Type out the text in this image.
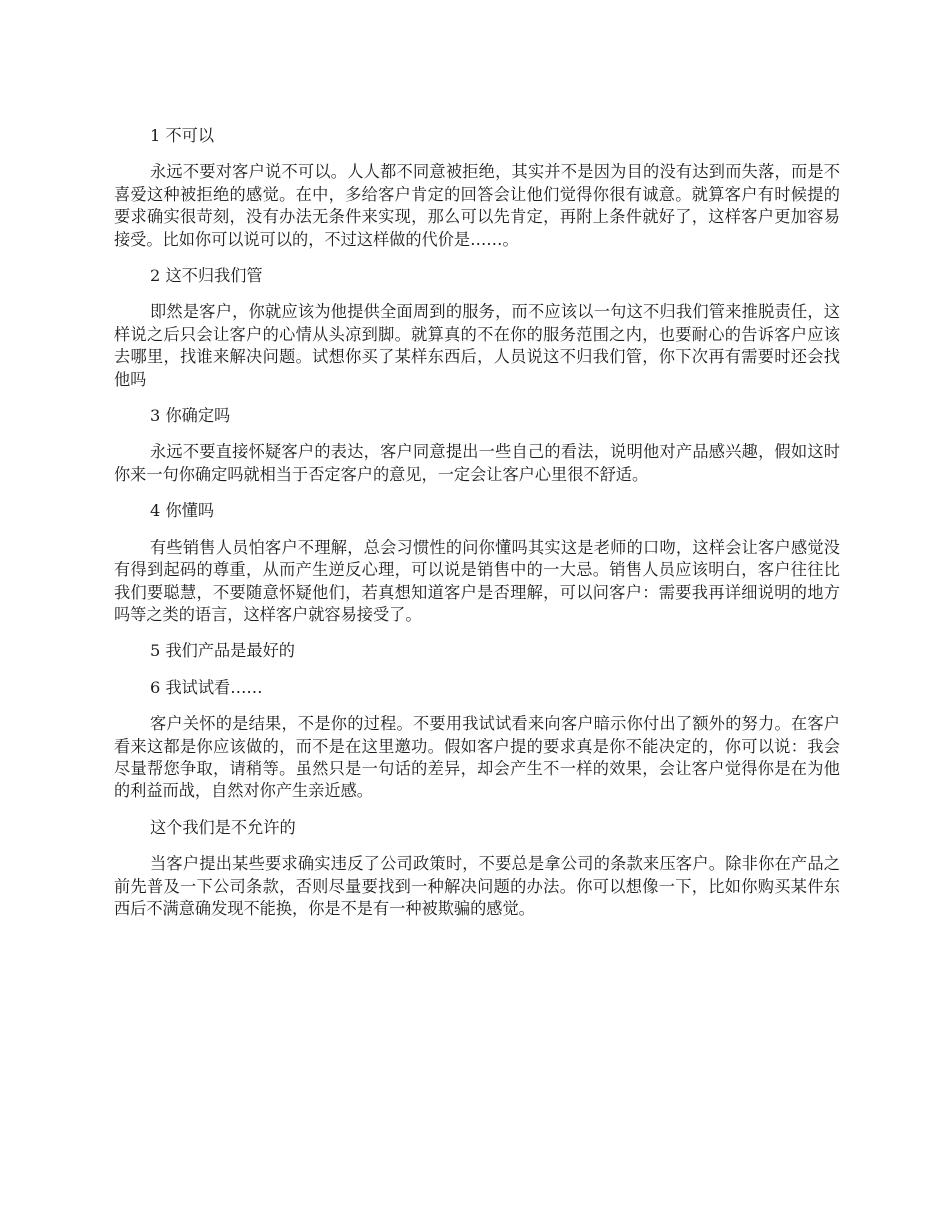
1 不可以

永远不要对客户说不可以。人人都不同意被拒绝，其实并不是因为目的没有达到而失落，而是不喜爱这种被拒绝的感觉。在中，多给客户肯定的回答会让他们觉得你很有诚意。就算客户有时候提的要求确实很苛刻，没有办法无条件来实现，那么可以先肯定，再附上条件就好了，这样客户更加容易接受。比如你可以说可以的，不过这样做的代价是……。

2 这不归我们管

即然是客户，你就应该为他提供全面周到的服务，而不应该以一句这不归我们管来推脱责任，这样说之后只会让客户的心情从头凉到脚。就算真的不在你的服务范围之内，也要耐心的告诉客户应该去哪里，找谁来解决问题。试想你买了某样东西后，人员说这不归我们管，你下次再有需要时还会找他吗

3 你确定吗

永远不要直接怀疑客户的表达，客户同意提出一些自己的看法，说明他对产品感兴趣，假如这时你来一句你确定吗就相当于否定客户的意见，一定会让客户心里很不舒适。

4 你懂吗

有些销售人员怕客户不理解，总会习惯性的问你懂吗其实这是老师的口吻，这样会让客户感觉没有得到起码的尊重，从而产生逆反心理，可以说是销售中的一大忌。销售人员应该明白，客户往往比我们要聪慧，不要随意怀疑他们，若真想知道客户是否理解，可以问客户：需要我再详细说明的地方吗等之类的语言，这样客户就容易接受了。

5 我们产品是最好的

6 我试试看……

客户关怀的是结果，不是你的过程。不要用我试试看来向客户暗示你付出了额外的努力。在客户看来这都是你应该做的，而不是在这里邀功。假如客户提的要求真是你不能决定的，你可以说：我会尽量帮您争取，请稍等。虽然只是一句话的差异，却会产生不一样的效果，会让客户觉得你是在为他的利益而战，自然对你产生亲近感。

这个我们是不允许的

当客户提出某些要求确实违反了公司政策时，不要总是拿公司的条款来压客户。除非你在产品之前先普及一下公司条款，否则尽量要找到一种解决问题的办法。你可以想像一下，比如你购买某件东西后不满意确发现不能换，你是不是有一种被欺骗的感觉。
